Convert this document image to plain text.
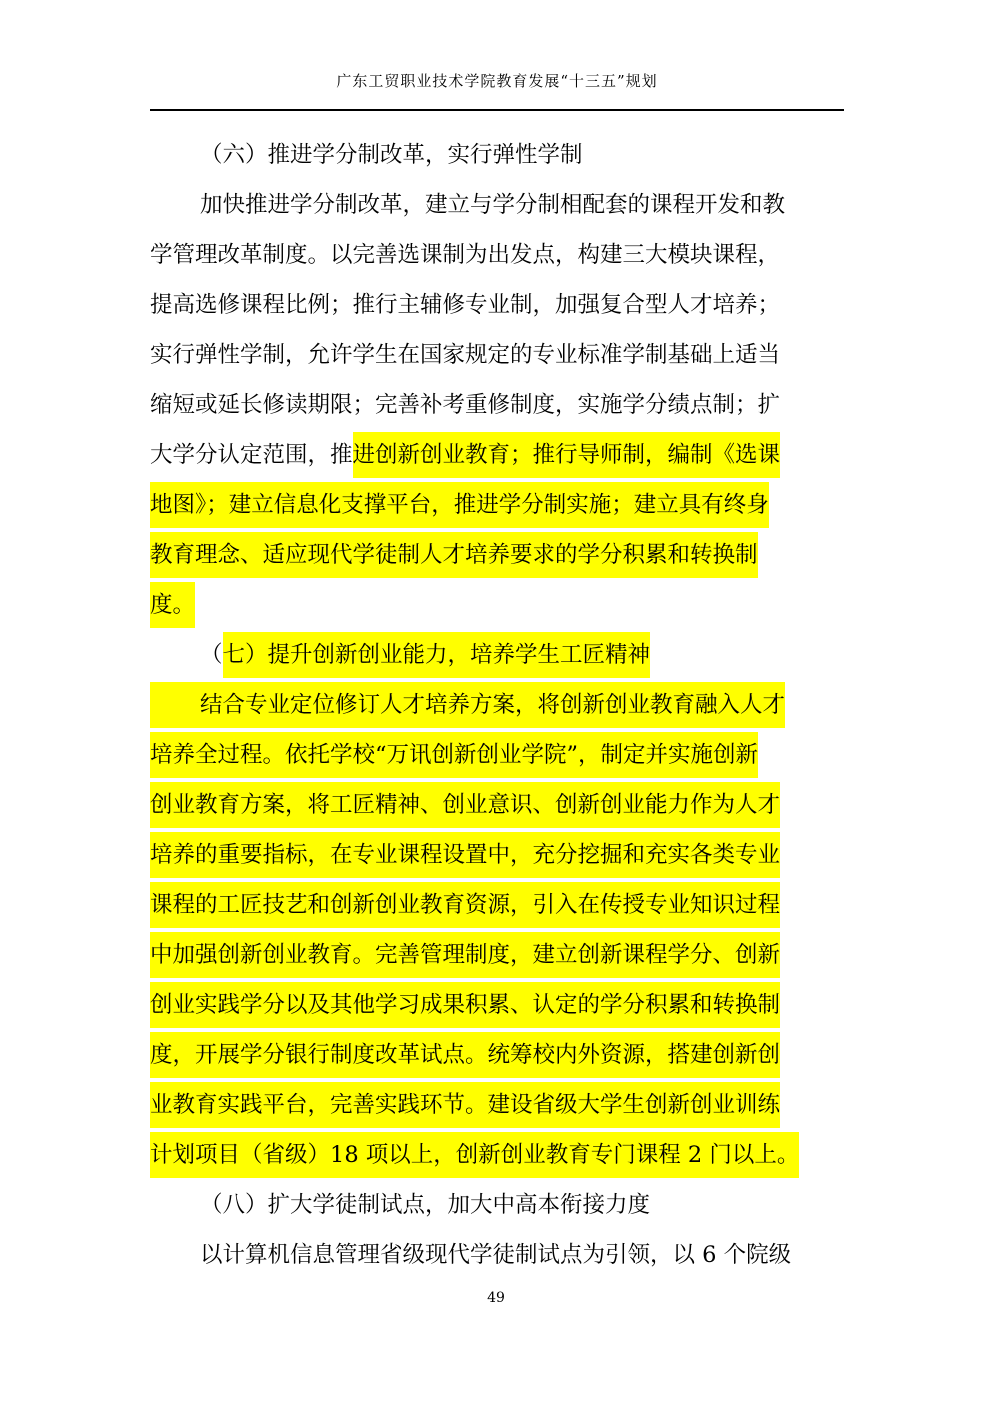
广东工贸职业技术学院教育发展“十三五”规划
（六）推进学分制改革，实行弹性学制
加快推进学分制改革，建立与学分制相配套的课程开发和教
学管理改革制度。以完善选课制为出发点，构建三大模块课程，
提高选修课程比例；推行主辅修专业制，加强复合型人才培养；
实行弹性学制，允许学生在国家规定的专业标准学制基础上适当
缩短或延长修读期限；完善补考重修制度，实施学分绩点制；扩
大学分认定范围，推进创新创业教育；推行导师制，编制《选课
地图》；建立信息化支撑平台，推进学分制实施；建立具有终身
教育理念、适应现代学徒制人才培养要求的学分积累和转换制
度。
（七）提升创新创业能力，培养学生工匠精神
结合专业定位修订人才培养方案，将创新创业教育融入人才
培养全过程。依托学校“万讯创新创业学院”，制定并实施创新
创业教育方案，将工匠精神、创业意识、创新创业能力作为人才
培养的重要指标，在专业课程设置中，充分挖掘和充实各类专业
课程的工匠技艺和创新创业教育资源，引入在传授专业知识过程
中加强创新创业教育。完善管理制度，建立创新课程学分、创新
创业实践学分以及其他学习成果积累、认定的学分积累和转换制
度，开展学分银行制度改革试点。统筹校内外资源，搭建创新创
业教育实践平台，完善实践环节。建设省级大学生创新创业训练
计划项目（省级）18 项以上，创新创业教育专门课程 2 门以上。
（八）扩大学徒制试点，加大中高本衔接力度
以计算机信息管理省级现代学徒制试点为引领，以 6 个院级
49
